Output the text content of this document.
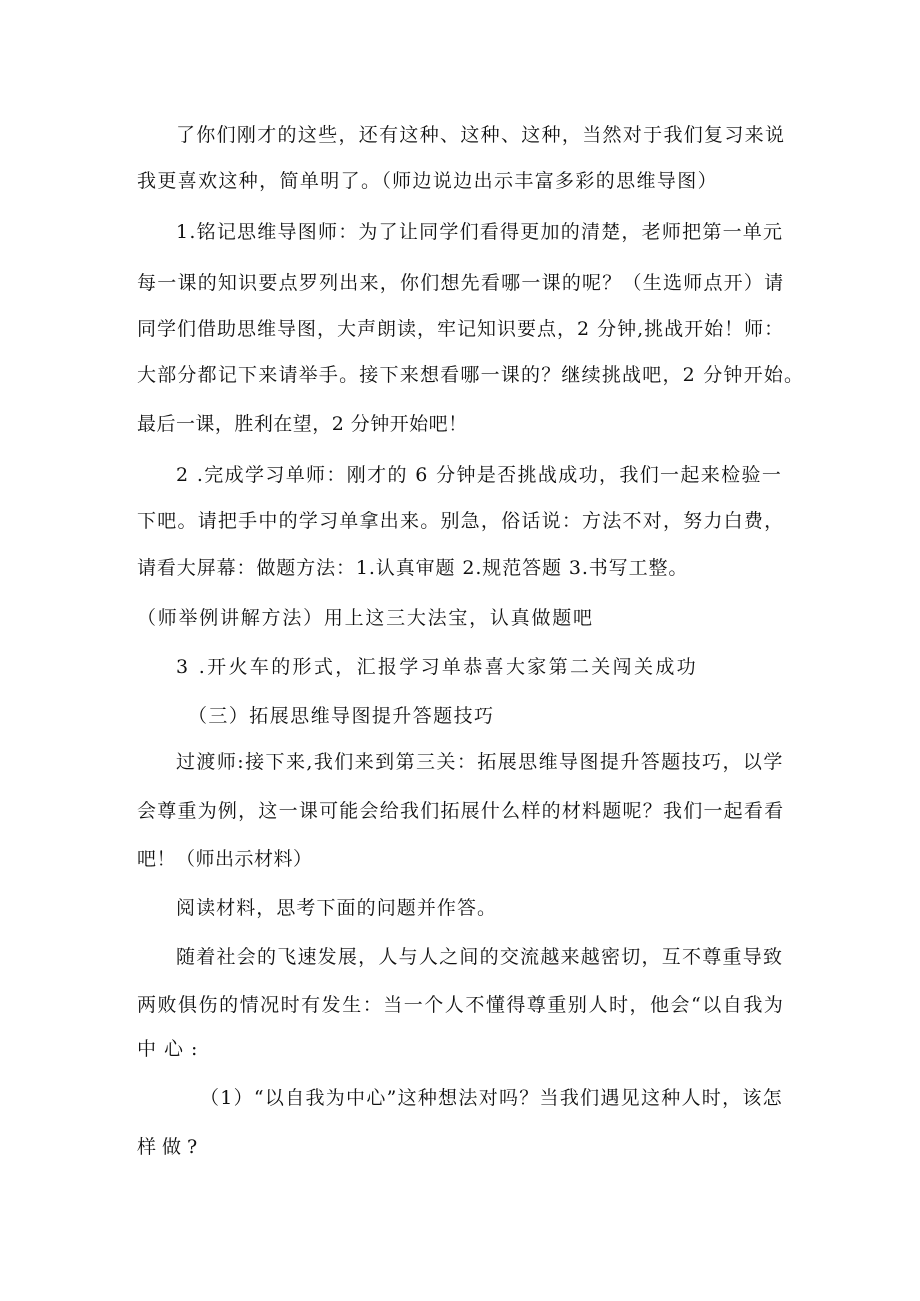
了你们刚才的这些，还有这种、这种、这种，当然对于我们复习来说

我更喜欢这种，简单明了。（师边说边出示丰富多彩的思维导图）

1.铭记思维导图师：为了让同学们看得更加的清楚，老师把第一单元

每一课的知识要点罗列出来，你们想先看哪一课的呢？（生选师点开）请

同学们借助思维导图，大声朗读，牢记知识要点，2 分钟,挑战开始！师：

大部分都记下来请举手。接下来想看哪一课的？继续挑战吧，2 分钟开始。

最后一课，胜利在望，2 分钟开始吧！

2 .完成学习单师：刚才的 6 分钟是否挑战成功，我们一起来检验一

下吧。请把手中的学习单拿出来。别急，俗话说：方法不对，努力白费，

请看大屏幕：做题方法：1.认真审题 2.规范答题 3.书写工整。

（师举例讲解方法）用上这三大法宝，认真做题吧

3 .开火车的形式，汇报学习单恭喜大家第二关闯关成功

（三）拓展思维导图提升答题技巧

过渡师:接下来,我们来到第三关：拓展思维导图提升答题技巧，以学

会尊重为例，这一课可能会给我们拓展什么样的材料题呢？我们一起看看

吧！（师出示材料）

阅读材料，思考下面的问题并作答。

随着社会的飞速发展，人与人之间的交流越来越密切，互不尊重导致

两败俱伤的情况时有发生：当一个人不懂得尊重别人时，他会“以自我为

中心:

（1）“以自我为中心”这种想法对吗？当我们遇见这种人时，该怎

样做?
